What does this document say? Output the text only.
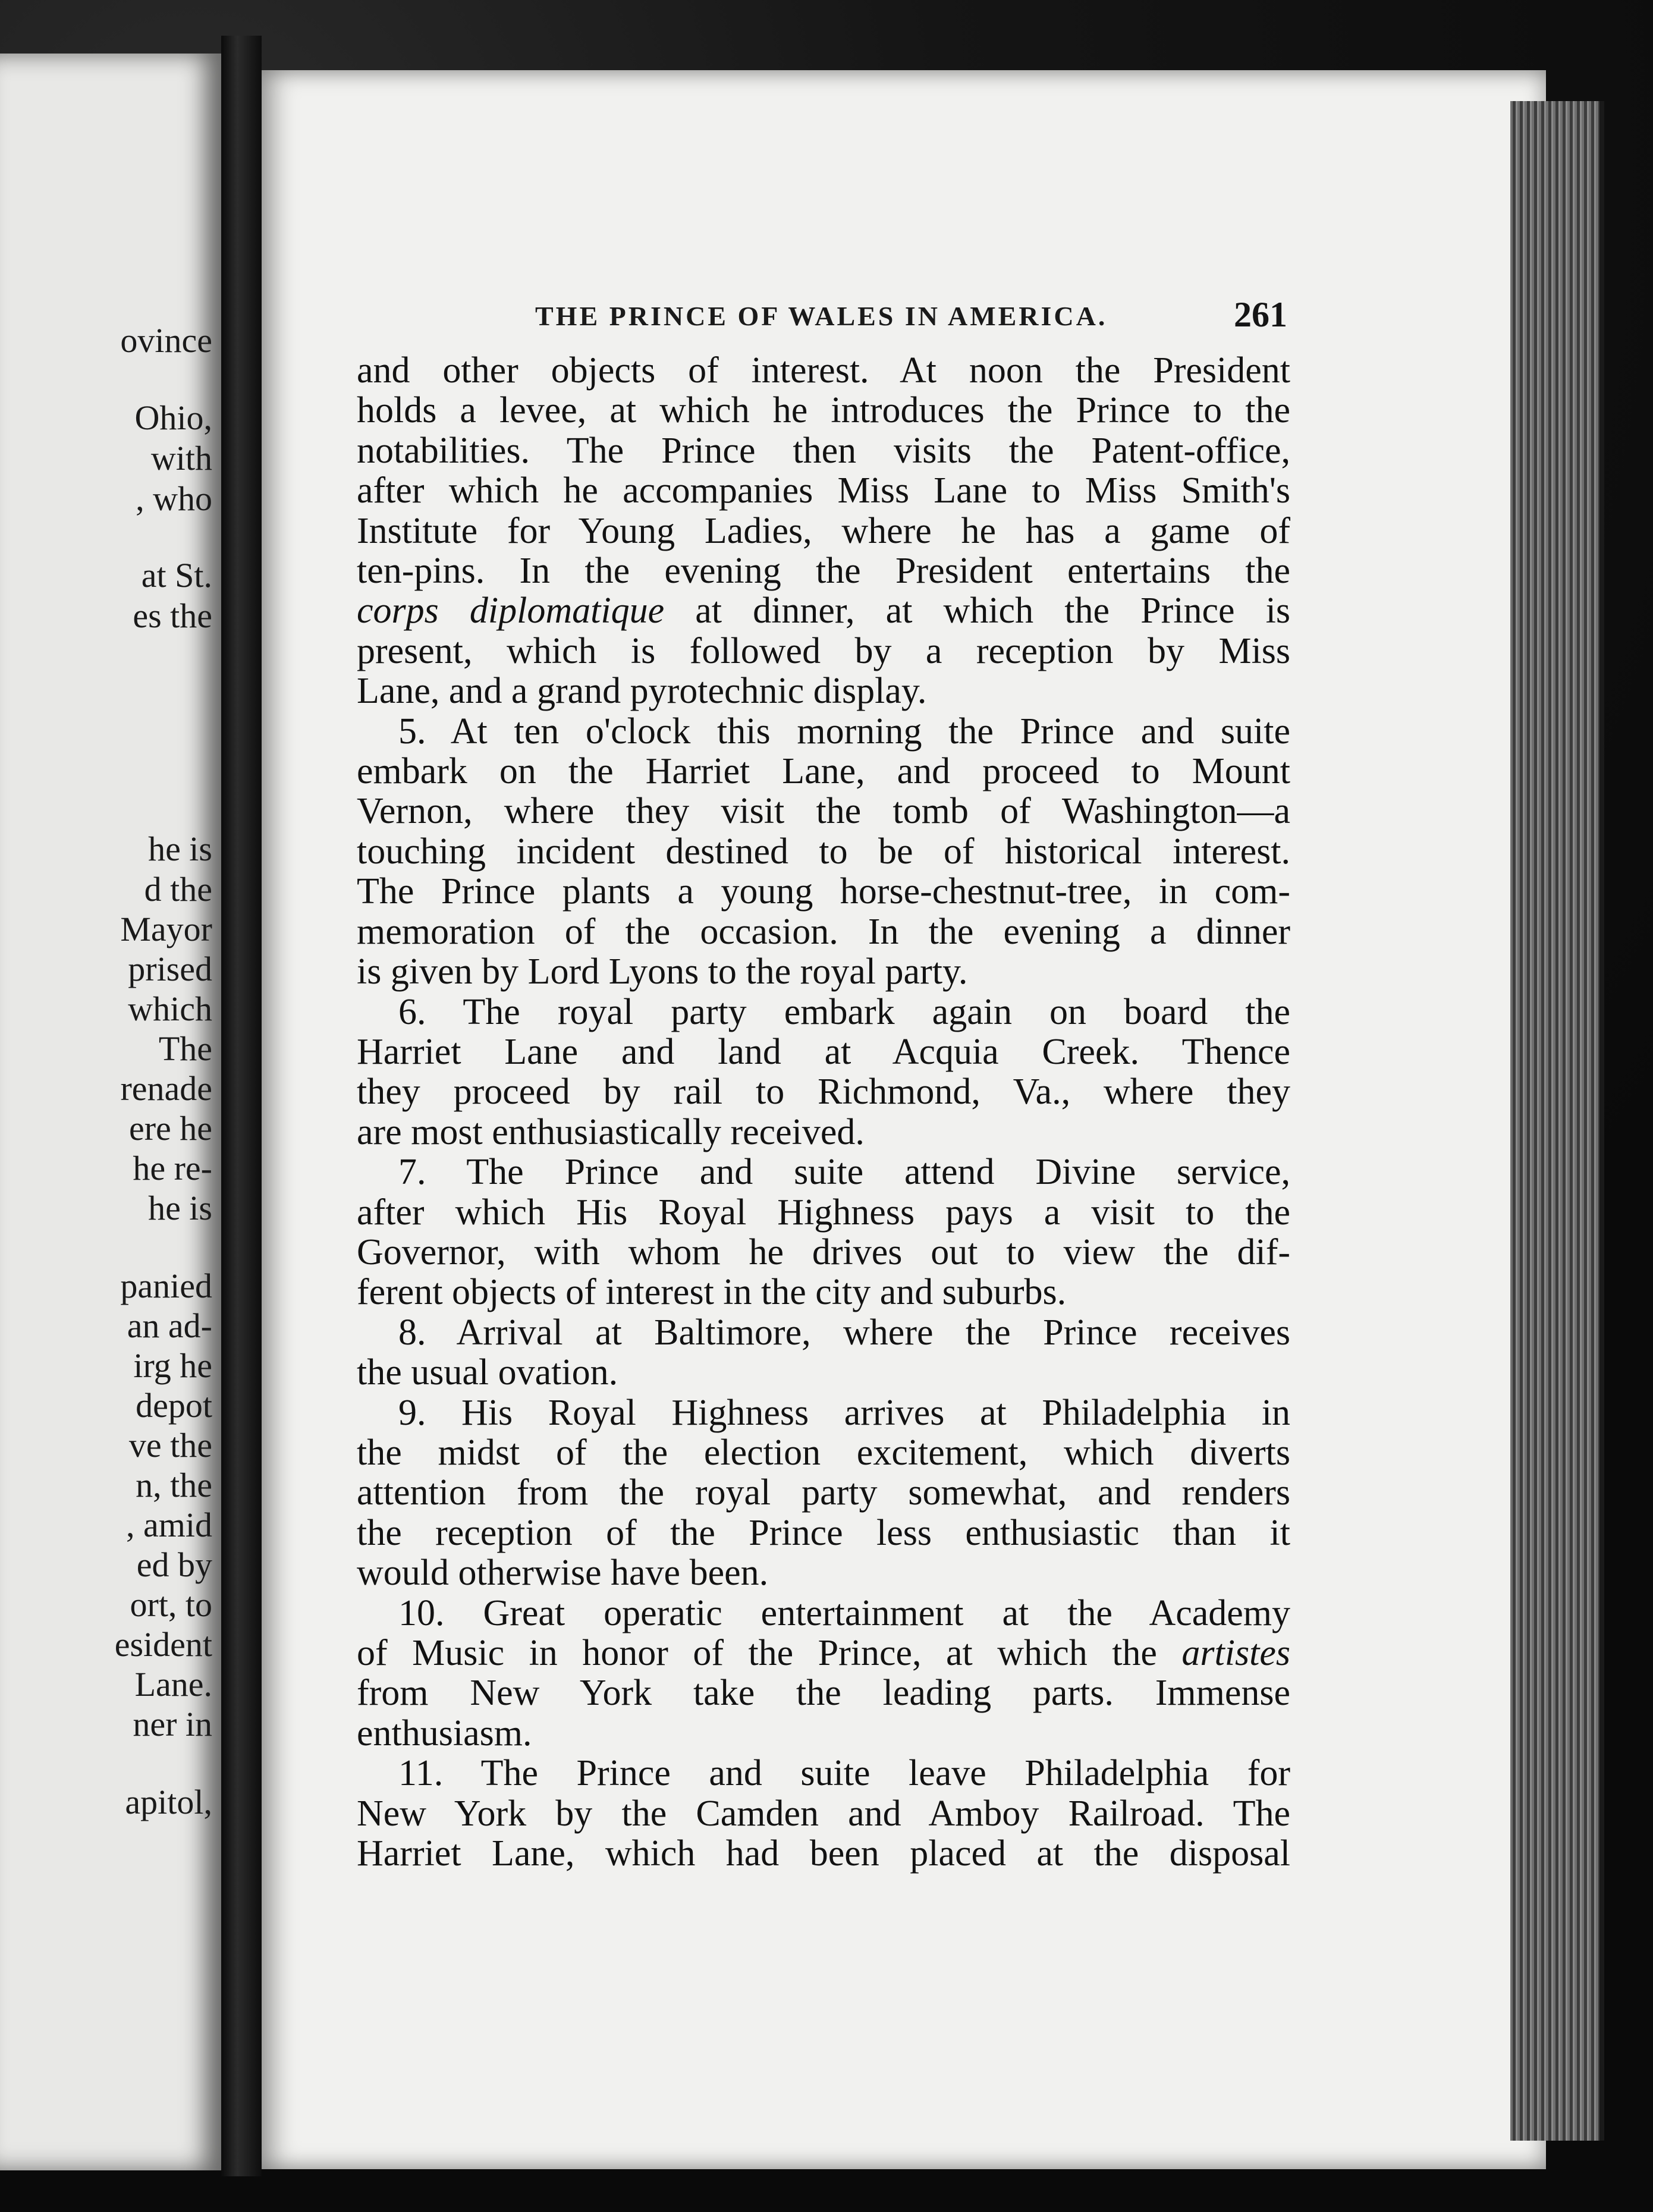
ovince
Ohio,
with
, who
at St.
es the
he is
d the
Mayor
prised
which
The
renade
ere he
he re-
he is
panied
an ad-
irg he
depot
ve the
n, the
, amid
ed by
ort, to
esident
Lane.
ner in
apitol,
THE PRINCE OF WALES IN AMERICA.	261
and other objects of interest. At noon the President
holds a levee, at which he introduces the Prince to the
notabilities. The Prince then visits the Patent-office,
after which he accompanies Miss Lane to Miss Smith's
Institute for Young Ladies, where he has a game of
ten-pins. In the evening the President entertains the
corps diplomatique at dinner, at which the Prince is
present, which is followed by a reception by Miss
Lane, and a grand pyrotechnic display.
5. At ten o'clock this morning the Prince and suite
embark on the Harriet Lane, and proceed to Mount
Vernon, where they visit the tomb of Washington—a
touching incident destined to be of historical interest.
The Prince plants a young horse-chestnut-tree, in com-
memoration of the occasion. In the evening a dinner
is given by Lord Lyons to the royal party.
6. The royal party embark again on board the
Harriet Lane and land at Acquia Creek. Thence
they proceed by rail to Richmond, Va., where they
are most enthusiastically received.
7. The Prince and suite attend Divine service,
after which His Royal Highness pays a visit to the
Governor, with whom he drives out to view the dif-
ferent objects of interest in the city and suburbs.
8. Arrival at Baltimore, where the Prince receives
the usual ovation.
9. His Royal Highness arrives at Philadelphia in
the midst of the election excitement, which diverts
attention from the royal party somewhat, and renders
the reception of the Prince less enthusiastic than it
would otherwise have been.
10. Great operatic entertainment at the Academy
of Music in honor of the Prince, at which the artistes
from New York take the leading parts. Immense
enthusiasm.
11. The Prince and suite leave Philadelphia for
New York by the Camden and Amboy Railroad. The
Harriet Lane, which had been placed at the disposal
